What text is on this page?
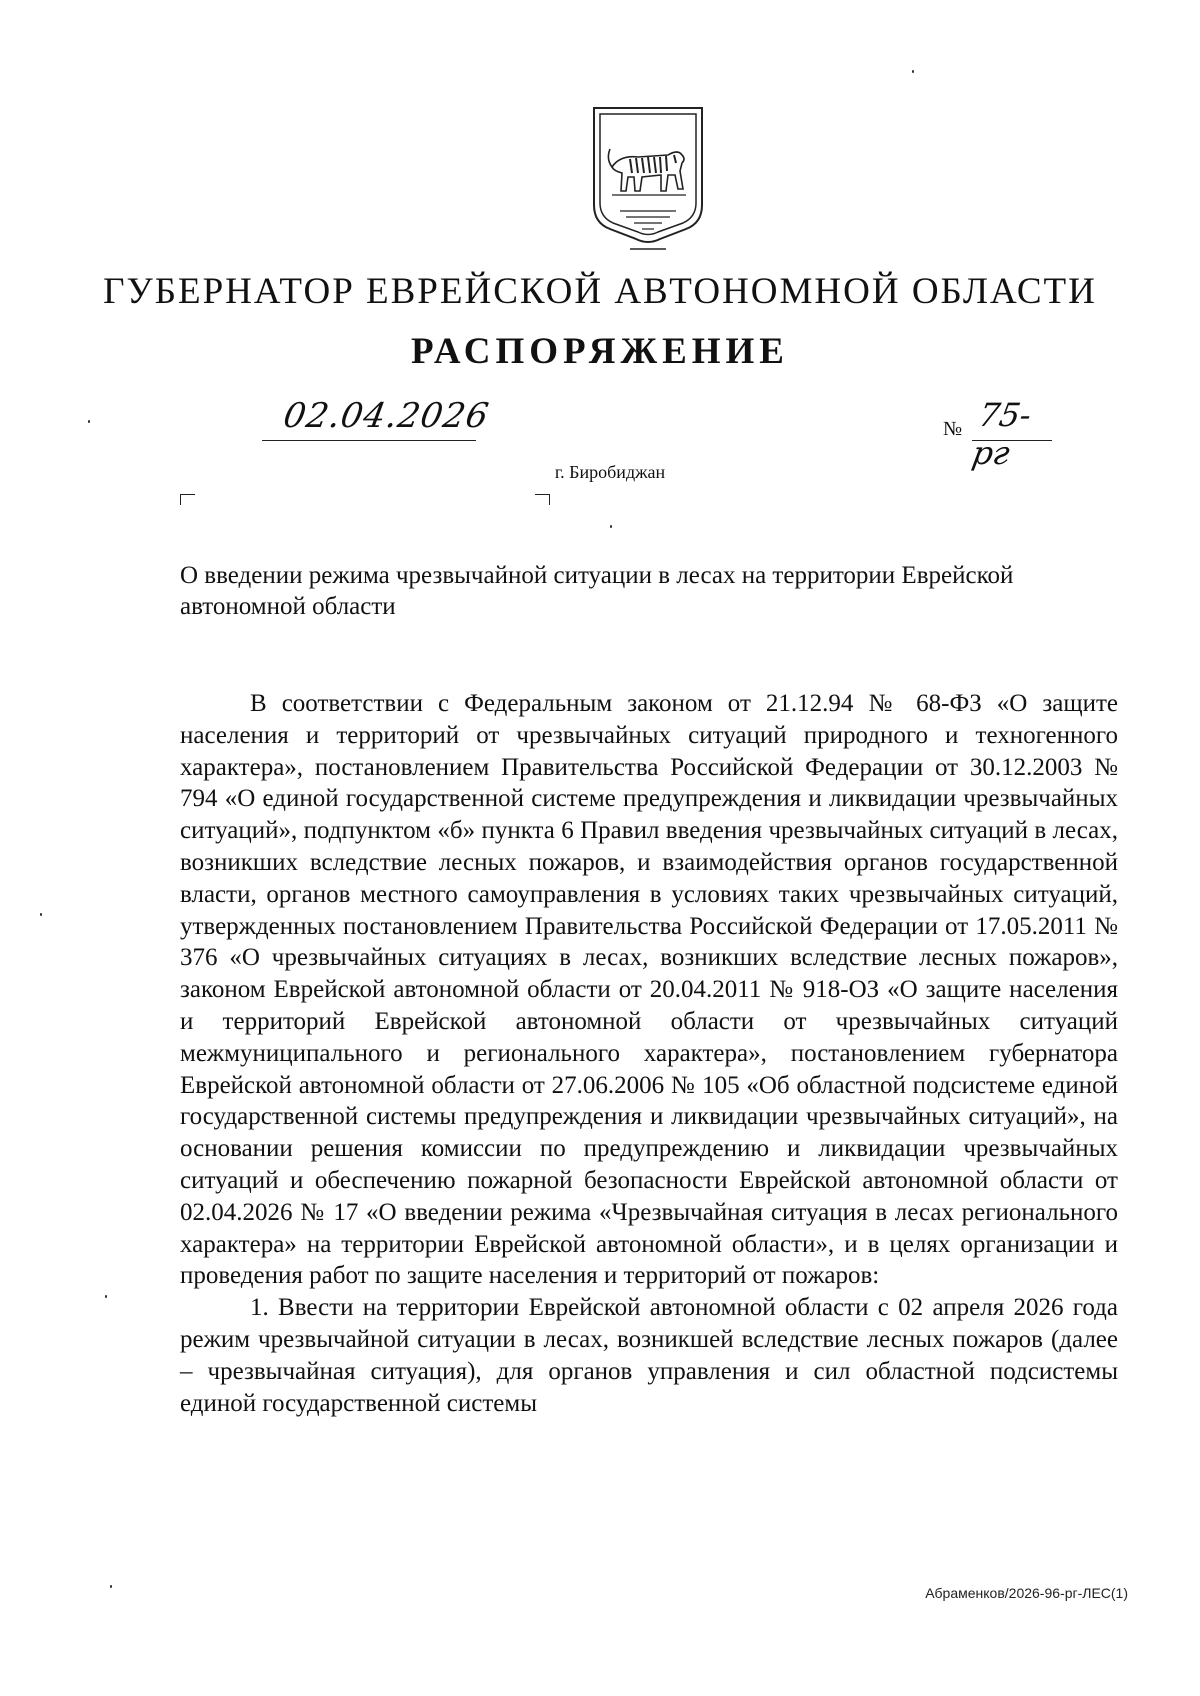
ГУБЕРНАТОР ЕВРЕЙСКОЙ АВТОНОМНОЙ ОБЛАСТИ
РАСПОРЯЖЕНИЕ
02.04.2026	№ 75-рг
г. Биробиджан
О введении режима чрезвычайной ситуации в лесах на территории Еврейской автономной области

В соответствии с Федеральным законом от 21.12.94 № 68-ФЗ «О защите населения и территорий от чрезвычайных ситуаций природного и техногенного характера», постановлением Правительства Российской Федерации от 30.12.2003 № 794 «О единой государственной системе предупреждения и ликвидации чрезвычайных ситуаций», подпунктом «б» пункта 6 Правил введения чрезвычайных ситуаций в лесах, возникших вследствие лесных пожаров, и взаимодействия органов государственной власти, органов местного самоуправления в условиях таких чрезвычайных ситуаций, утвержденных постановлением Правительства Российской Федерации от 17.05.2011 № 376 «О чрезвычайных ситуациях в лесах, возникших вследствие лесных пожаров», законом Еврейской автономной области от 20.04.2011 № 918-ОЗ «О защите населения и территорий Еврейской автономной области от чрезвычайных ситуаций межмуниципального и регионального характера», постановлением губернатора Еврейской автономной области от 27.06.2006 № 105 «Об областной подсистеме единой государственной системы предупреждения и ликвидации чрезвычайных ситуаций», на основании решения комиссии по предупреждению и ликвидации чрезвычайных ситуаций и обеспечению пожарной безопасности Еврейской автономной области от 02.04.2026 № 17 «О введении режима «Чрезвычайная ситуация в лесах регионального характера» на территории Еврейской автономной области», и в целях организации и проведения работ по защите населения и территорий от пожаров:

1. Ввести на территории Еврейской автономной области с 02 апреля 2026 года режим чрезвычайной ситуации в лесах, возникшей вследствие лесных пожаров (далее – чрезвычайная ситуация), для органов управления и сил областной подсистемы единой государственной системы

Абраменков/2026-96-рг-ЛЕС(1)
